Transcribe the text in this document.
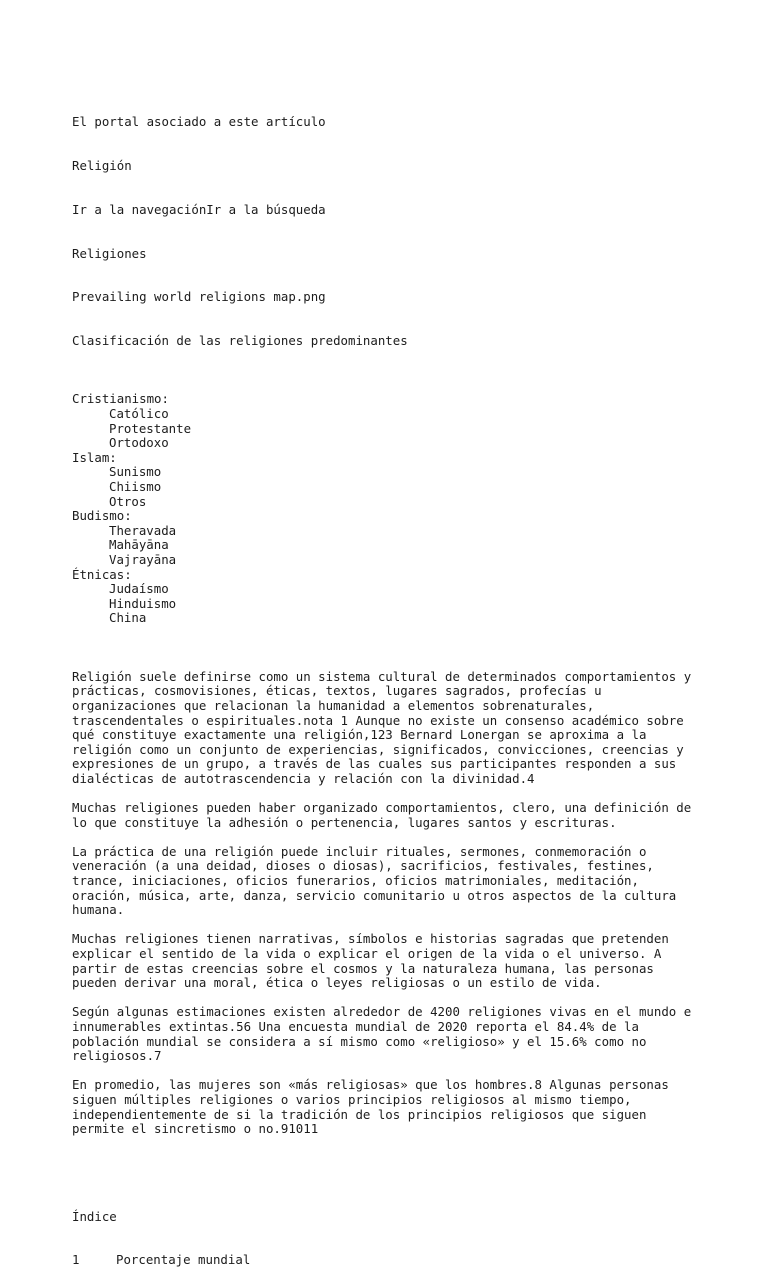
El portal asociado a este artículo

Religión

Ir a la navegaciónIr a la búsqueda

Religiones

Prevailing world religions map.png

Clasificación de las religiones predominantes

Cristianismo:
Católico
Protestante
Ortodoxo
Islam:
Sunismo
Chiismo
Otros
Budismo:
Theravada
Mahāyāna
Vajrayāna
Étnicas:
Judaísmo
Hinduismo
China

Religión suele definirse como un sistema cultural de determinados comportamientos y
prácticas, cosmovisiones, éticas, textos, lugares sagrados, profecías u
organizaciones que relacionan la humanidad a elementos sobrenaturales,
trascendentales o espirituales.nota 1 Aunque no existe un consenso académico sobre
qué constituye exactamente una religión,123 Bernard Lonergan se aproxima a la
religión como un conjunto de experiencias, significados, convicciones, creencias y
expresiones de un grupo, a través de las cuales sus participantes responden a sus
dialécticas de autotrascendencia y relación con la divinidad.4
Muchas religiones pueden haber organizado comportamientos, clero, una definición de
lo que constituye la adhesión o pertenencia, lugares santos y escrituras.
La práctica de una religión puede incluir rituales, sermones, conmemoración o
veneración (a una deidad, dioses o diosas), sacrificios, festivales, festines,
trance, iniciaciones, oficios funerarios, oficios matrimoniales, meditación,
oración, música, arte, danza, servicio comunitario u otros aspectos de la cultura
humana.
Muchas religiones tienen narrativas, símbolos e historias sagradas que pretenden
explicar el sentido de la vida o explicar el origen de la vida o el universo. A
partir de estas creencias sobre el cosmos y la naturaleza humana, las personas
pueden derivar una moral, ética o leyes religiosas o un estilo de vida.
Según algunas estimaciones existen alrededor de 4200 religiones vivas en el mundo e
innumerables extintas.56 Una encuesta mundial de 2020 reporta el 84.4% de la
población mundial se considera a sí mismo como «religioso» y el 15.6% como no
religiosos.7
En promedio, las mujeres son «más religiosas» que los hombres.8 Algunas personas
siguen múltiples religiones o varios principios religiosos al mismo tiempo,
independientemente de si la tradición de los principios religiosos que siguen
permite el sincretismo o no.91011

Índice

1	Porcentaje mundial
